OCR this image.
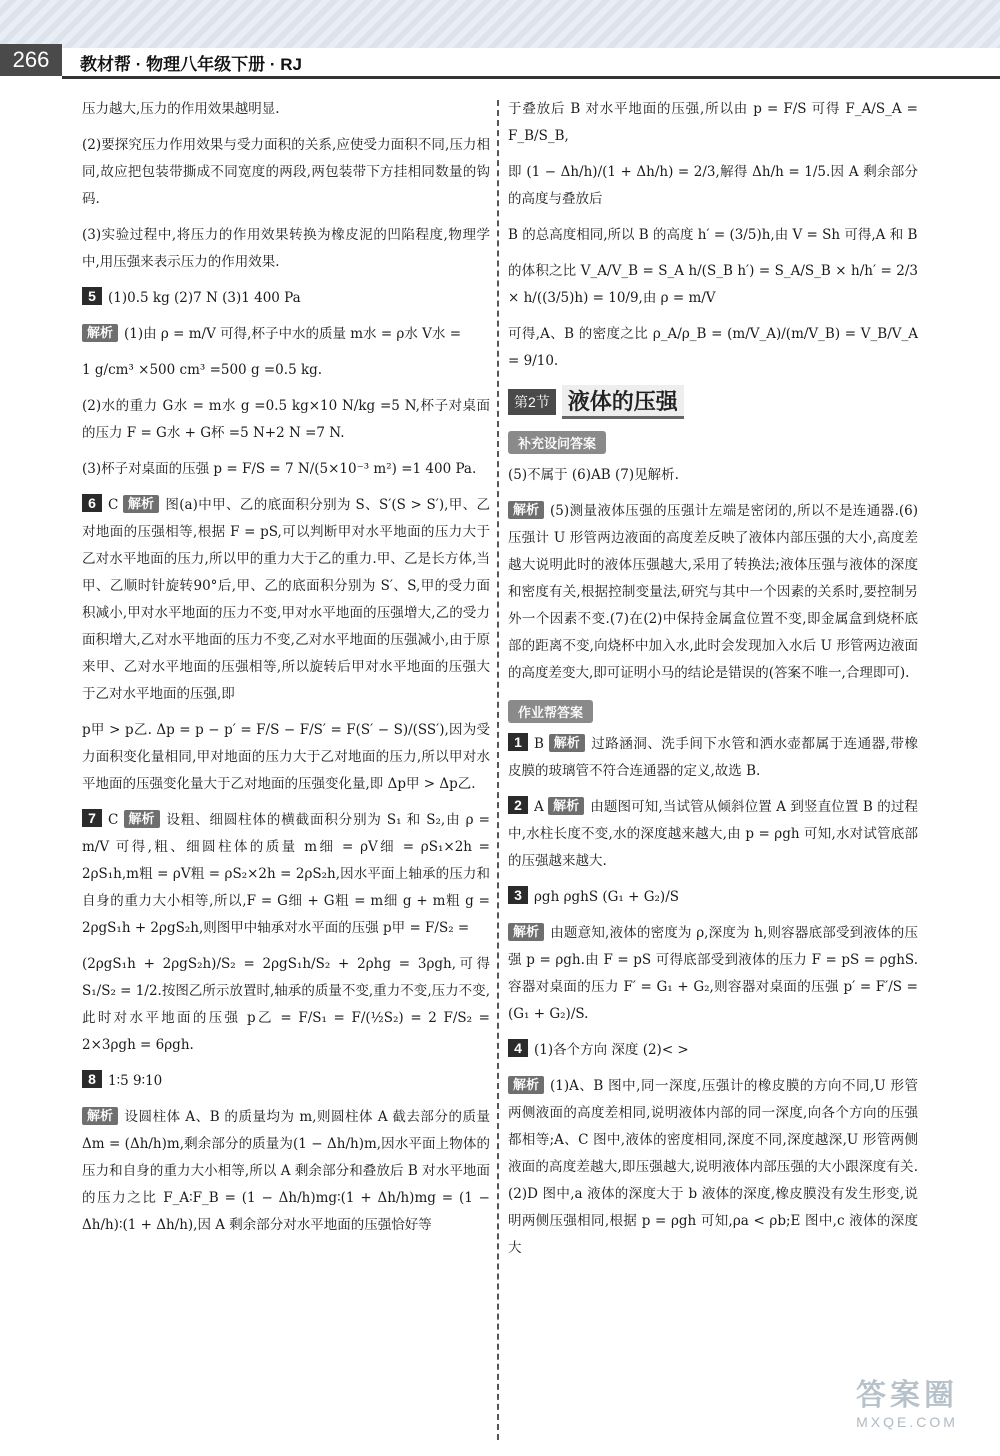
266	教材帮 · 物理八年级下册 · RJ

压力越大,压力的作用效果越明显.

(2)要探究压力作用效果与受力面积的关系,应使受力面积不同,压力相同,故应把包装带撕成不同宽度的两段,两包装带下方挂相同数量的钩码.

(3)实验过程中,将压力的作用效果转换为橡皮泥的凹陷程度,物理学中,用压强来表示压力的作用效果.

5 (1)0.5 kg (2)7 N (3)1 400 Pa

解析 (1)由 ρ = m/V 可得,杯子中水的质量 m水 = ρ水 V水 =

1 g/cm³ ×500 cm³ =500 g =0.5 kg.

(2)水的重力 G水 = m水 g =0.5 kg×10 N/kg =5 N,杯子对桌面的压力 F = G水 + G杯 =5 N+2 N =7 N.

(3)杯子对桌面的压强 p = F/S = 7 N/(5×10⁻³ m²) =1 400 Pa.

6 C 解析 图(a)中甲、乙的底面积分别为 S、S′(S > S′),甲、乙对地面的压强相等,根据 F = pS,可以判断甲对水平地面的压力大于乙对水平地面的压力,所以甲的重力大于乙的重力.甲、乙是长方体,当甲、乙顺时针旋转90°后,甲、乙的底面积分别为 S′、S,甲的受力面积减小,甲对水平地面的压力不变,甲对水平地面的压强增大,乙的受力面积增大,乙对水平地面的压力不变,乙对水平地面的压强减小,由于原来甲、乙对水平地面的压强相等,所以旋转后甲对水平地面的压强大于乙对水平地面的压强,即

p甲 > p乙. Δp = p − p′ = F/S − F/S′ = F(S′ − S)/(SS′),因为受力面积变化量相同,甲对地面的压力大于乙对地面的压力,所以甲对水平地面的压强变化量大于乙对地面的压强变化量,即 Δp甲 > Δp乙.

7 C 解析 设粗、细圆柱体的横截面积分别为 S₁ 和 S₂,由 ρ = m/V 可得,粗、细圆柱体的质量 m细 = ρV细 = ρS₁×2h = 2ρS₁h,m粗 = ρV粗 = ρS₂×2h = 2ρS₂h,因水平面上轴承的压力和自身的重力大小相等,所以,F = G细 + G粗 = m细 g + m粗 g = 2ρgS₁h + 2ρgS₂h,则图甲中轴承对水平面的压强 p甲 = F/S₂ =

(2ρgS₁h + 2ρgS₂h)/S₂ = 2ρgS₁h/S₂ + 2ρhg = 3ρgh,可得 S₁/S₂ = 1/2.按图乙所示放置时,轴承的质量不变,重力不变,压力不变,此时对水平地面的压强 p乙 = F/S₁ = F/(½S₂) = 2 F/S₂ = 2×3ρgh = 6ρgh.

8 1∶5 9∶10

解析 设圆柱体 A、B 的质量均为 m,则圆柱体 A 截去部分的质量 Δm = (Δh/h)m,剩余部分的质量为(1 − Δh/h)m,因水平面上物体的压力和自身的重力大小相等,所以 A 剩余部分和叠放后 B 对水平地面的压力之比 F_A∶F_B = (1 − Δh/h)mg∶(1 + Δh/h)mg = (1 − Δh/h)∶(1 + Δh/h),因 A 剩余部分对水平地面的压强恰好等

于叠放后 B 对水平地面的压强,所以由 p = F/S 可得 F_A/S_A = F_B/S_B,

即 (1 − Δh/h)/(1 + Δh/h) = 2/3,解得 Δh/h = 1/5.因 A 剩余部分的高度与叠放后

B 的总高度相同,所以 B 的高度 h′ = (3/5)h,由 V = Sh 可得,A 和 B

的体积之比 V_A/V_B = S_A h/(S_B h′) = S_A/S_B × h/h′ = 2/3 × h/((3/5)h) = 10/9,由 ρ = m/V

可得,A、B 的密度之比 ρ_A/ρ_B = (m/V_A)/(m/V_B) = V_B/V_A = 9/10.

第2节 液体的压强
补充设问答案

(5)不属于 (6)AB (7)见解析.

解析 (5)测量液体压强的压强计左端是密闭的,所以不是连通器.(6)压强计 U 形管两边液面的高度差反映了液体内部压强的大小,高度差越大说明此时的液体压强越大,采用了转换法;液体压强与液体的深度和密度有关,根据控制变量法,研究与其中一个因素的关系时,要控制另外一个因素不变.(7)在(2)中保持金属盒位置不变,即金属盒到烧杯底部的距离不变,向烧杯中加入水,此时会发现加入水后 U 形管两边液面的高度差变大,即可证明小马的结论是错误的(答案不唯一,合理即可).

作业帮答案

1 B 解析 过路涵洞、洗手间下水管和洒水壶都属于连通器,带橡皮膜的玻璃管不符合连通器的定义,故选 B.

2 A 解析 由题图可知,当试管从倾斜位置 A 到竖直位置 B 的过程中,水柱长度不变,水的深度越来越大,由 p = ρgh 可知,水对试管底部的压强越来越大.

3 ρgh ρghS (G₁ + G₂)/S

解析 由题意知,液体的密度为 ρ,深度为 h,则容器底部受到液体的压强 p = ρgh.由 F = pS 可得底部受到液体的压力 F = pS = ρghS.容器对桌面的压力 F′ = G₁ + G₂,则容器对桌面的压强 p′ = F′/S = (G₁ + G₂)/S.

4 (1)各个方向 深度 (2)< >

解析 (1)A、B 图中,同一深度,压强计的橡皮膜的方向不同,U 形管两侧液面的高度差相同,说明液体内部的同一深度,向各个方向的压强都相等;A、C 图中,液体的密度相同,深度不同,深度越深,U 形管两侧液面的高度差越大,即压强越大,说明液体内部压强的大小跟深度有关.(2)D 图中,a 液体的深度大于 b 液体的深度,橡皮膜没有发生形变,说明两侧压强相同,根据 p = ρgh 可知,ρa < ρb;E 图中,c 液体的深度大

答案圈
MXQE.COM
